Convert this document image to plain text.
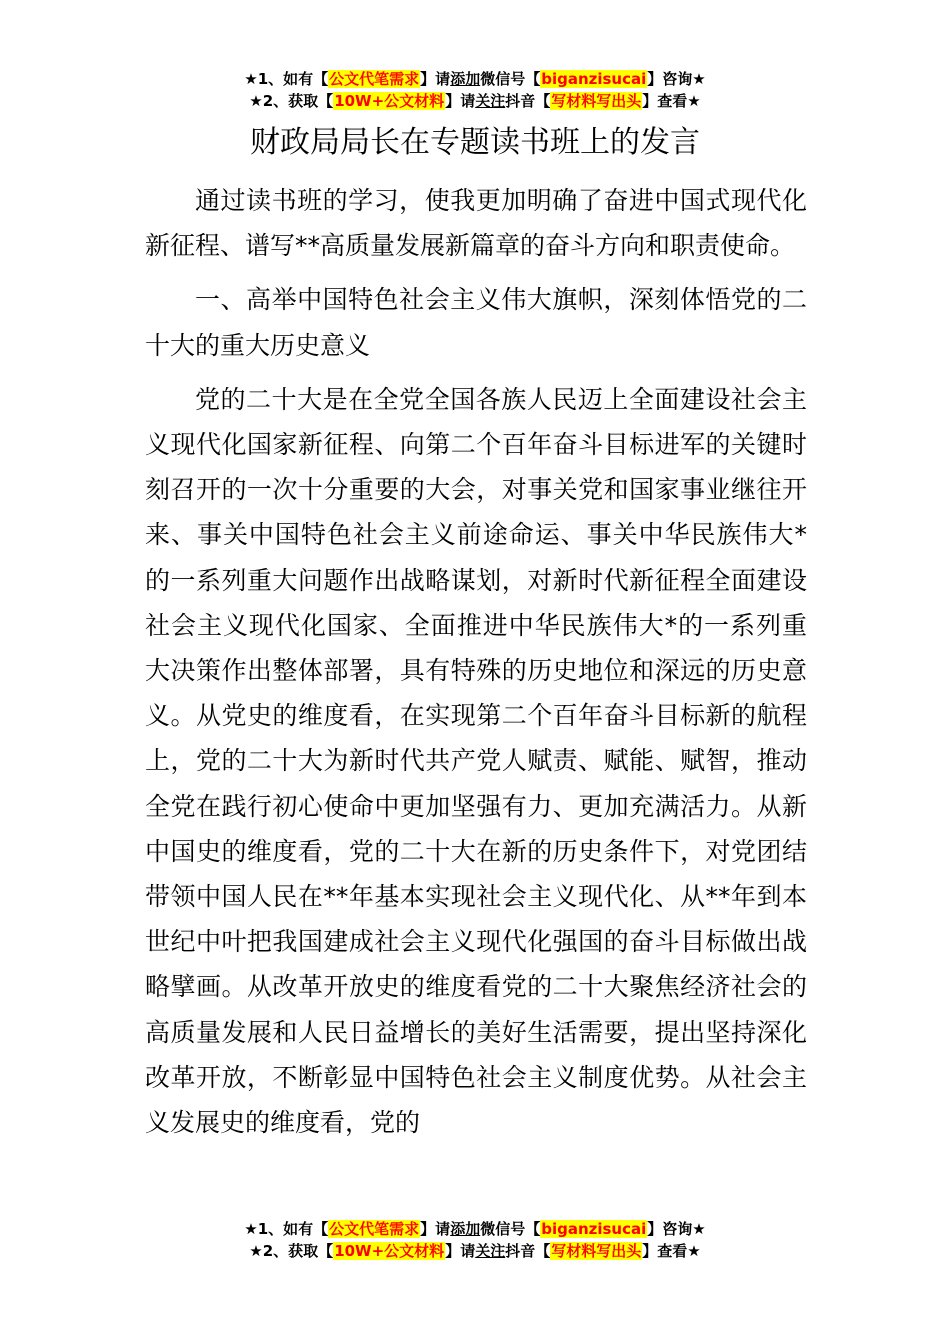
★1、如有【公文代笔需求】请添加微信号【biganzisucai】咨询★
★2、获取【10W+公文材料】请关注抖音【写材料写出头】查看★
财政局局长在专题读书班上的发言

通过读书班的学习，使我更加明确了奋进中国式现代化新征程、谱写**高质量发展新篇章的奋斗方向和职责使命。

一、高举中国特色社会主义伟大旗帜，深刻体悟党的二十大的重大历史意义

党的二十大是在全党全国各族人民迈上全面建设社会主义现代化国家新征程、向第二个百年奋斗目标进军的关键时刻召开的一次十分重要的大会，对事关党和国家事业继往开来、事关中国特色社会主义前途命运、事关中华民族伟大*的一系列重大问题作出战略谋划，对新时代新征程全面建设社会主义现代化国家、全面推进中华民族伟大*的一系列重大决策作出整体部署，具有特殊的历史地位和深远的历史意义。从党史的维度看，在实现第二个百年奋斗目标新的航程上，党的二十大为新时代共产党人赋责、赋能、赋智，推动全党在践行初心使命中更加坚强有力、更加充满活力。从新中国史的维度看，党的二十大在新的历史条件下，对党团结带领中国人民在**年基本实现社会主义现代化、从**年到本世纪中叶把我国建成社会主义现代化强国的奋斗目标做出战略擘画。从改革开放史的维度看党的二十大聚焦经济社会的高质量发展和人民日益增长的美好生活需要，提出坚持深化改革开放，不断彰显中国特色社会主义制度优势。从社会主义发展史的维度看，党的

★1、如有【公文代笔需求】请添加微信号【biganzisucai】咨询★
★2、获取【10W+公文材料】请关注抖音【写材料写出头】查看★
